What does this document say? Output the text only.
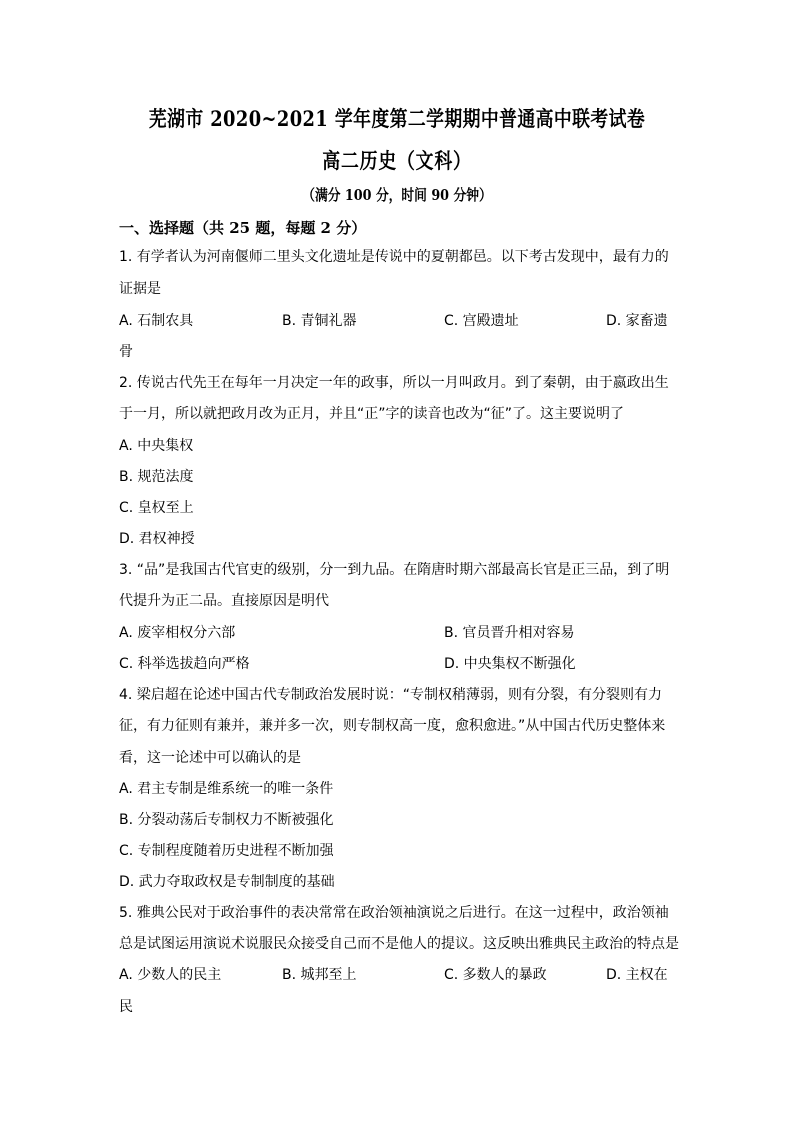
芜湖市 2020~2021 学年度第二学期期中普通高中联考试卷
高二历史（文科）
（满分 100 分，时间 90 分钟）
一、选择题（共 25 题，每题 2 分）
1. 有学者认为河南偃师二里头文化遗址是传说中的夏朝都邑。以下考古发现中，最有力的
证据是
A. 石制农具	B. 青铜礼器	C. 宫殿遗址	D. 家畜遗
骨
2. 传说古代先王在每年一月决定一年的政事，所以一月叫政月。到了秦朝，由于嬴政出生
于一月，所以就把政月改为正月，并且“正”字的读音也改为“征”了。这主要说明了
A. 中央集权
B. 规范法度
C. 皇权至上
D. 君权神授
3. “品”是我国古代官吏的级别，分一到九品。在隋唐时期六部最高长官是正三品，到了明
代提升为正二品。直接原因是明代
A. 废宰相权分六部	B. 官员晋升相对容易
C. 科举选拔趋向严格	D. 中央集权不断强化
4. 梁启超在论述中国古代专制政治发展时说：“专制权稍薄弱，则有分裂，有分裂则有力
征，有力征则有兼并，兼并多一次，则专制权高一度，愈积愈进。”从中国古代历史整体来
看，这一论述中可以确认的是
A. 君主专制是维系统一的唯一条件
B. 分裂动荡后专制权力不断被强化
C. 专制程度随着历史进程不断加强
D. 武力夺取政权是专制制度的基础
5. 雅典公民对于政治事件的表决常常在政治领袖演说之后进行。在这一过程中，政治领袖
总是试图运用演说术说服民众接受自己而不是他人的提议。这反映出雅典民主政治的特点是
A. 少数人的民主	B. 城邦至上	C. 多数人的暴政	D. 主权在
民
